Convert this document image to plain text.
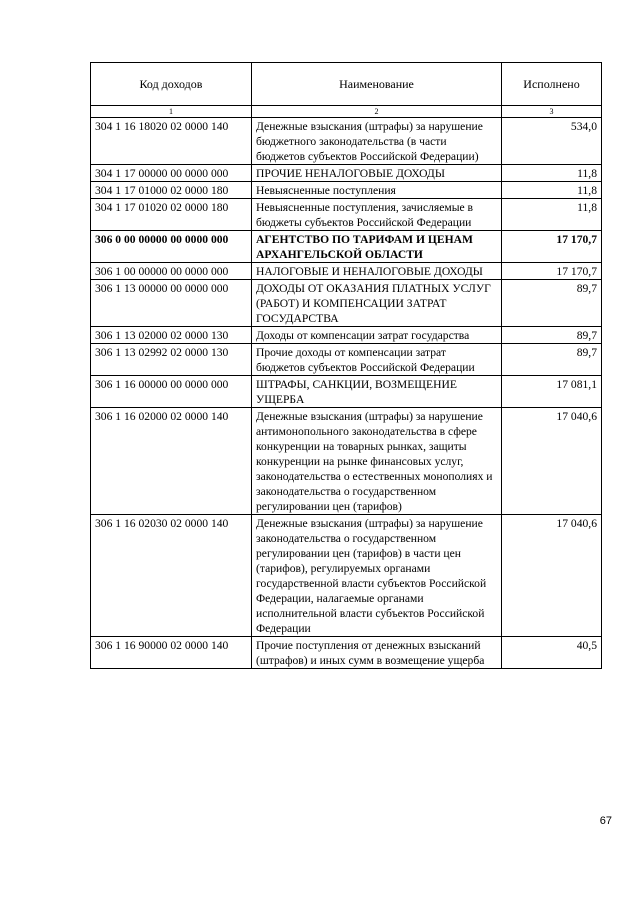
Код доходов	Наименование	Исполнено
1	2	3
304 1 16 18020 02 0000 140	Денежные взыскания (штрафы) за нарушение бюджетного законодательства (в части бюджетов субъектов Российской Федерации)	534,0
304 1 17 00000 00 0000 000	ПРОЧИЕ НЕНАЛОГОВЫЕ ДОХОДЫ	11,8
304 1 17 01000 02 0000 180	Невыясненные поступления	11,8
304 1 17 01020 02 0000 180	Невыясненные поступления, зачисляемые в бюджеты субъектов Российской Федерации	11,8
306 0 00 00000 00 0000 000	АГЕНТСТВО ПО ТАРИФАМ И ЦЕНАМ АРХАНГЕЛЬСКОЙ ОБЛАСТИ	17 170,7
306 1 00 00000 00 0000 000	НАЛОГОВЫЕ И НЕНАЛОГОВЫЕ ДОХОДЫ	17 170,7
306 1 13 00000 00 0000 000	ДОХОДЫ ОТ ОКАЗАНИЯ ПЛАТНЫХ УСЛУГ (РАБОТ) И КОМПЕНСАЦИИ ЗАТРАТ ГОСУДАРСТВА	89,7
306 1 13 02000 02 0000 130	Доходы от компенсации затрат государства	89,7
306 1 13 02992 02 0000 130	Прочие доходы от компенсации затрат бюджетов субъектов Российской Федерации	89,7
306 1 16 00000 00 0000 000	ШТРАФЫ, САНКЦИИ, ВОЗМЕЩЕНИЕ УЩЕРБА	17 081,1
306 1 16 02000 02 0000 140	Денежные взыскания (штрафы) за нарушение антимонопольного законодательства в сфере конкуренции на товарных рынках, защиты конкуренции на рынке финансовых услуг, законодательства о естественных монополиях и законодательства о государственном регулировании цен (тарифов)	17 040,6
306 1 16 02030 02 0000 140	Денежные взыскания (штрафы) за нарушение законодательства о государственном регулировании цен (тарифов) в части цен (тарифов), регулируемых органами государственной власти субъектов Российской Федерации, налагаемые органами исполнительной власти субъектов Российской Федерации	17 040,6
306 1 16 90000 02 0000 140	Прочие поступления от денежных взысканий (штрафов) и иных сумм в возмещение ущерба	40,5
67
